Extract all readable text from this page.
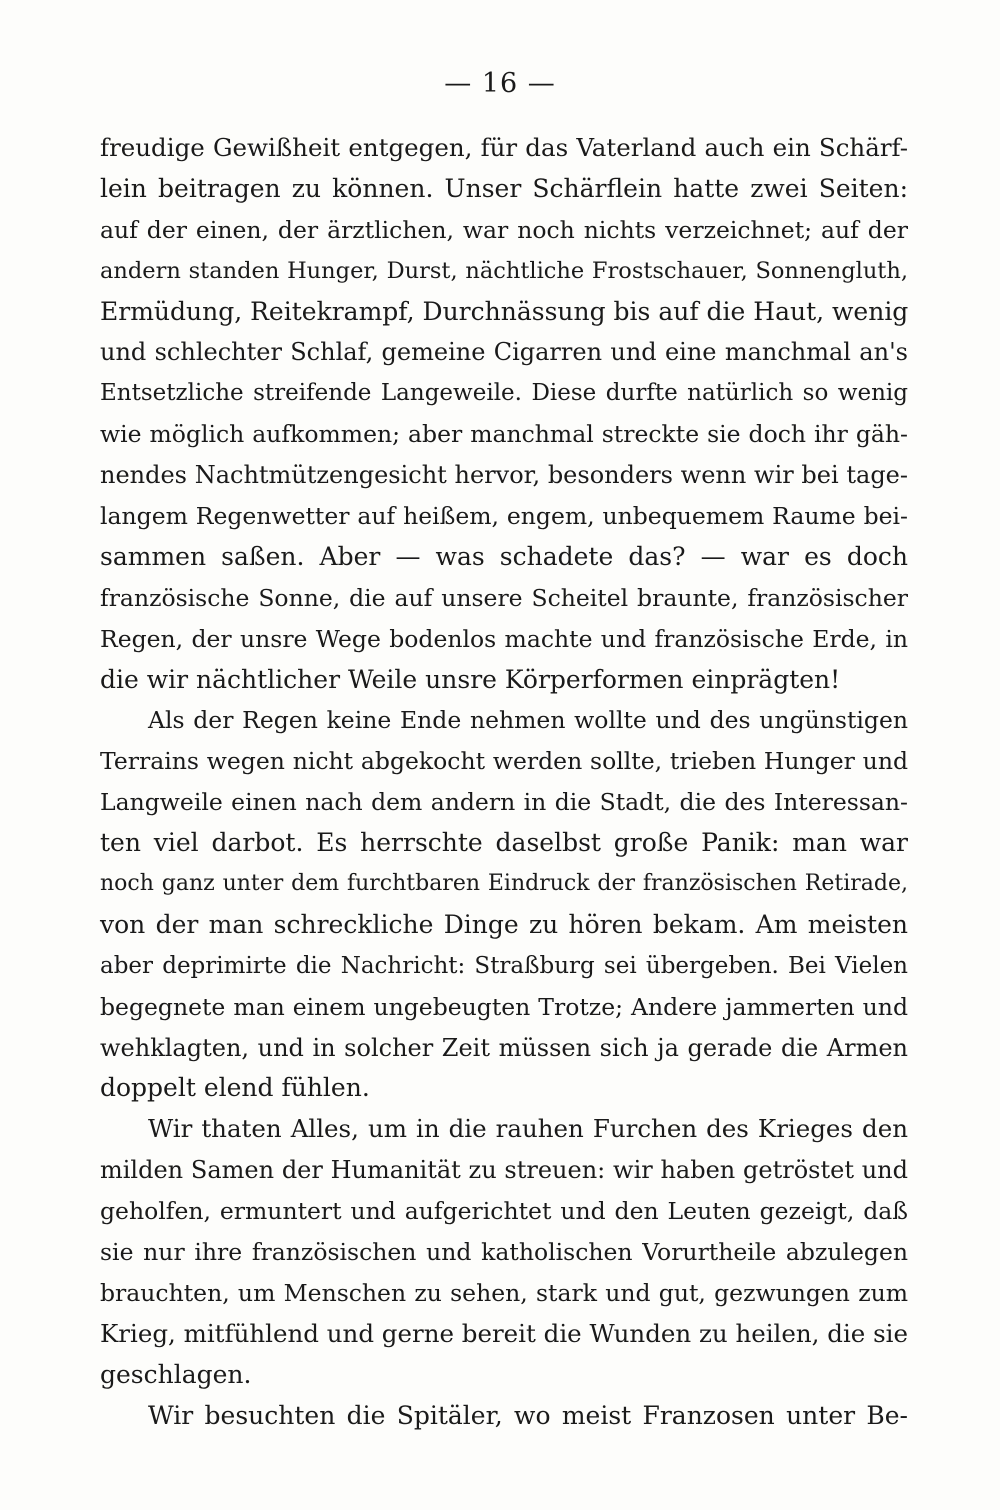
— 16 —
freudige Gewißheit entgegen, für das Vaterland auch ein Schärf-
lein beitragen zu können. Unser Schärflein hatte zwei Seiten:
auf der einen, der ärztlichen, war noch nichts verzeichnet; auf der
andern standen Hunger, Durst, nächtliche Frostschauer, Sonnengluth,
Ermüdung, Reitekrampf, Durchnässung bis auf die Haut, wenig
und schlechter Schlaf, gemeine Cigarren und eine manchmal an's
Entsetzliche streifende Langeweile. Diese durfte natürlich so wenig
wie möglich aufkommen; aber manchmal streckte sie doch ihr gäh-
nendes Nachtmützengesicht hervor, besonders wenn wir bei tage-
langem Regenwetter auf heißem, engem, unbequemem Raume bei-
sammen saßen. Aber — was schadete das? — war es doch
französische Sonne, die auf unsere Scheitel braunte, französischer
Regen, der unsre Wege bodenlos machte und französische Erde, in
die wir nächtlicher Weile unsre Körperformen einprägten!
Als der Regen keine Ende nehmen wollte und des ungünstigen
Terrains wegen nicht abgekocht werden sollte, trieben Hunger und
Langweile einen nach dem andern in die Stadt, die des Interessan-
ten viel darbot. Es herrschte daselbst große Panik: man war
noch ganz unter dem furchtbaren Eindruck der französischen Retirade,
von der man schreckliche Dinge zu hören bekam. Am meisten
aber deprimirte die Nachricht: Straßburg sei übergeben. Bei Vielen
begegnete man einem ungebeugten Trotze; Andere jammerten und
wehklagten, und in solcher Zeit müssen sich ja gerade die Armen
doppelt elend fühlen.
Wir thaten Alles, um in die rauhen Furchen des Krieges den
milden Samen der Humanität zu streuen: wir haben getröstet und
geholfen, ermuntert und aufgerichtet und den Leuten gezeigt, daß
sie nur ihre französischen und katholischen Vorurtheile abzulegen
brauchten, um Menschen zu sehen, stark und gut, gezwungen zum
Krieg, mitfühlend und gerne bereit die Wunden zu heilen, die sie
geschlagen.
Wir besuchten die Spitäler, wo meist Franzosen unter Be-
